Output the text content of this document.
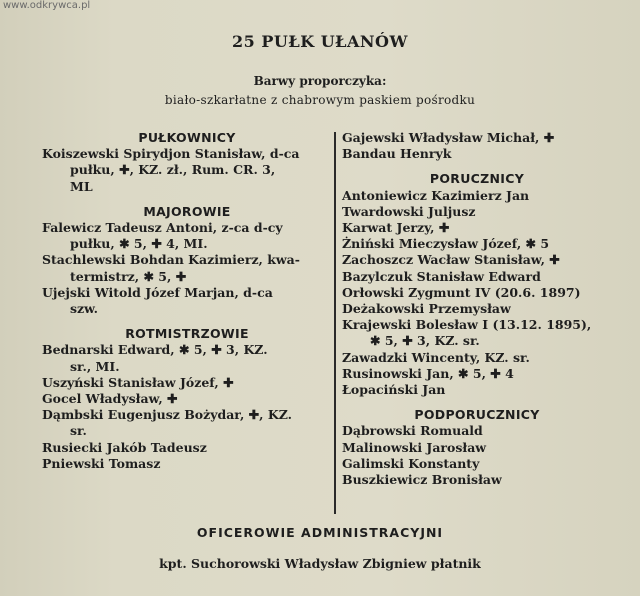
www.odkrywca.pl
25 PUŁK UŁANÓW
Barwy proporczyka:
biało-szkarłatne z chabrowym paskiem pośrodku
PUŁKOWNICY
Koiszewski Spirydjon Stanisław, d-ca
pułku, ✚, KZ. zł., Rum. CR. 3,
ML
MAJOROWIE
Falewicz Tadeusz Antoni, z-ca d-cy
pułku, ✱ 5, ✚ 4, MI.
Stachlewski Bohdan Kazimierz, kwa-
termistrz, ✱ 5, ✚
Ujejski Witold Józef Marjan, d-ca
szw.
ROTMISTRZOWIE
Bednarski Edward, ✱ 5, ✚ 3, KZ.
sr., MI.
Uszyński Stanisław Józef, ✚
Gocel Władysław, ✚
Dąmbski Eugenjusz Bożydar, ✚, KZ.
sr.
Rusiecki Jakób Tadeusz
Pniewski Tomasz
Gajewski Władysław Michał, ✚
Bandau Henryk
PORUCZNICY
Antoniewicz Kazimierz Jan
Twardowski Juljusz
Karwat Jerzy, ✚
Żniński Mieczysław Józef, ✱ 5
Zachoszcz Wacław Stanisław, ✚
Bazylczuk Stanisław Edward
Orłowski Zygmunt IV (20.6. 1897)
Deżakowski Przemysław
Krajewski Bolesław I (13.12. 1895),
✱ 5, ✚ 3, KZ. sr.
Zawadzki Wincenty, KZ. sr.
Rusinowski Jan, ✱ 5, ✚ 4
Łopaciński Jan
PODPORUCZNICY
Dąbrowski Romuald
Malinowski Jarosław
Galimski Konstanty
Buszkiewicz Bronisław
OFICEROWIE ADMINISTRACYJNI
kpt. Suchorowski Władysław Zbigniew płatnik
